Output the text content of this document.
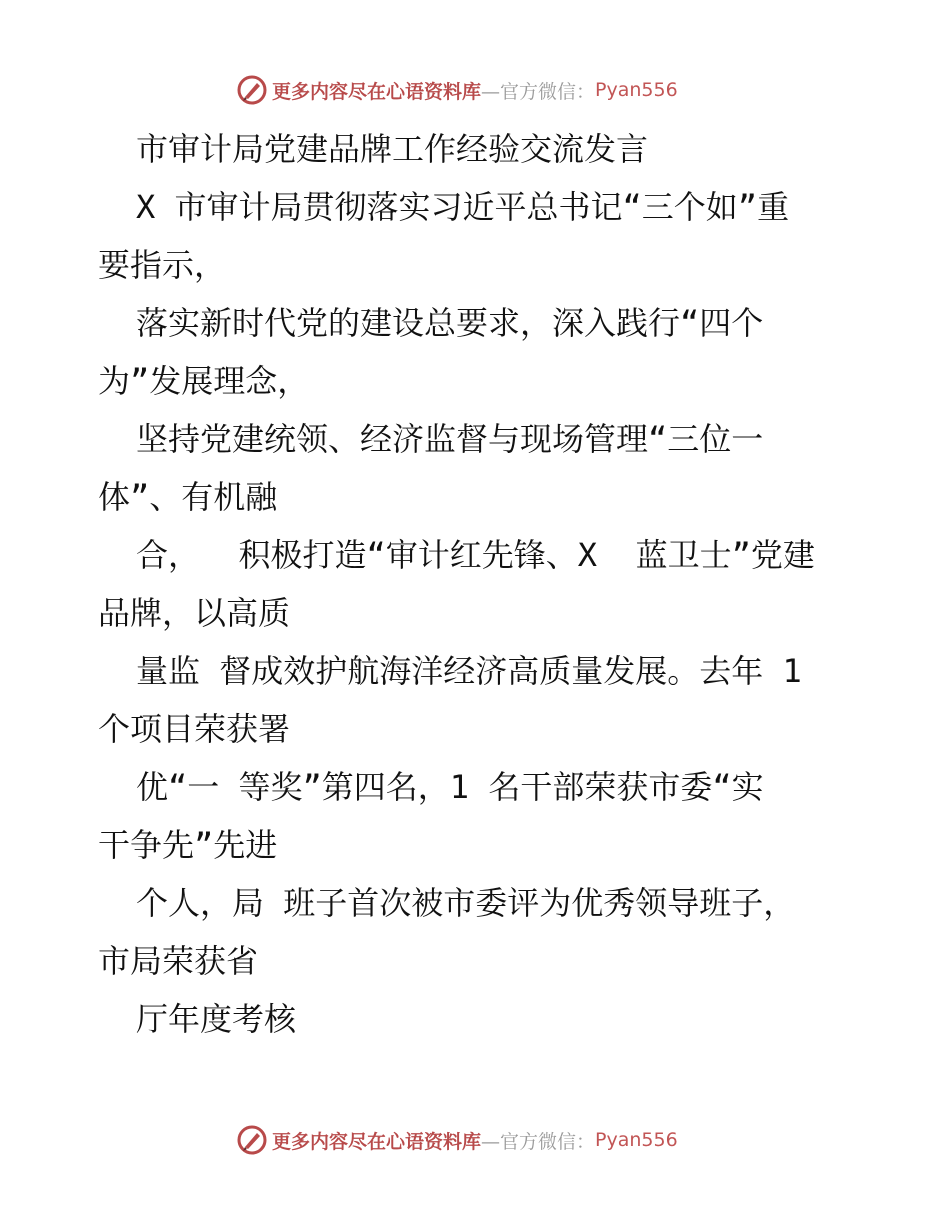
更多内容尽在心语资料库 —官方微信： Pyan556
市审计局党建品牌工作经验交流发言
X 市审计局贯彻落实习近平总书记“三个如”重
要指示，
落实新时代党的建设总要求，深入践行“四个
为”发展理念，
坚持党建统领、经济监督与现场管理“三位一
体”、有机融
合，  积极打造“审计红先锋、X  蓝卫士”党建
品牌，以高质
量监 督成效护航海洋经济高质量发展。去年 1
个项目荣获署
优“一 等奖”第四名，1 名干部荣获市委“实
干争先”先进
个人，局 班子首次被市委评为优秀领导班子，
市局荣获省
厅年度考核
更多内容尽在心语资料库 —官方微信： Pyan556
